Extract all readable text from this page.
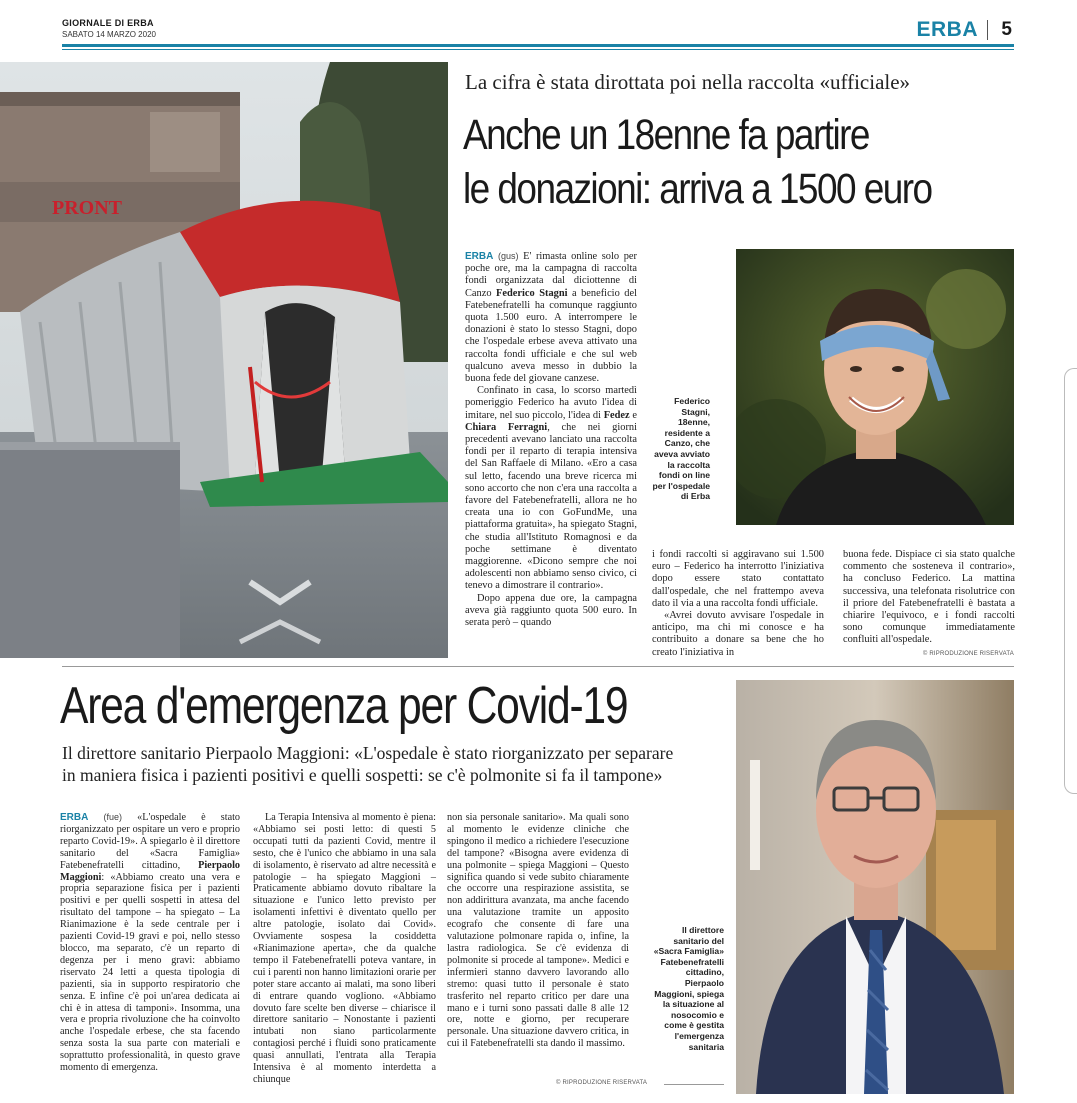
GIORNALE DI ERBA
SABATO 14 MARZO 2020	ERBA 5
PRONT
La cifra è stata dirottata poi nella raccolta «ufficiale»
Anche un 18enne fa partire
le donazioni: arriva a 1500 euro

ERBA (gus) E' rimasta online solo per poche ore, ma la campagna di raccolta fondi organizzata dal diciottenne di Canzo Federico Stagni a beneficio del Fatebenefratelli ha comunque raggiunto quota 1.500 euro. A interrompere le donazioni è stato lo stesso Stagni, dopo che l'ospedale erbese aveva attivato una raccolta fondi ufficiale e che sul web qualcuno aveva messo in dubbio la buona fede del giovane canzese.

Confinato in casa, lo scorso martedì pomeriggio Federico ha avuto l'idea di imitare, nel suo piccolo, l'idea di Fedez e Chiara Ferragni, che nei giorni precedenti avevano lanciato una raccolta fondi per il reparto di terapia intensiva del San Raffaele di Milano. «Ero a casa sul letto, facendo una breve ricerca mi sono accorto che non c'era una raccolta a favore del Fatebenefratelli, allora ne ho creata una io con GoFundMe, una piattaforma gratuita», ha spiegato Stagni, che studia all'Istituto Romagnosi e da poche settimane è diventato maggiorenne. «Dicono sempre che noi adolescenti non abbiamo senso civico, ci tenevo a dimostrare il contrario».

Dopo appena due ore, la campagna aveva già raggiunto quota 500 euro. In serata però – quando

Federico Stagni, 18enne, residente a Canzo, che aveva avviato la raccolta fondi on line per l'ospedale di Erba

i fondi raccolti si aggiravano sui 1.500 euro – Federico ha interrotto l'iniziativa dopo essere stato contattato dall'ospedale, che nel frattempo aveva dato il via a una raccolta fondi ufficiale.

«Avrei dovuto avvisare l'ospedale in anticipo, ma chi mi conosce e ha contribuito a donare sa bene che ho creato l'iniziativa in

buona fede. Dispiace ci sia stato qualche commento che sosteneva il contrario», ha concluso Federico. La mattina successiva, una telefonata risolutrice con il priore del Fatebenefratelli è bastata a chiarire l'equivoco, e i fondi raccolti sono comunque immediatamente confluiti all'ospedale.

© RIPRODUZIONE RISERVATA
Area d'emergenza per Covid-19
Il direttore sanitario Pierpaolo Maggioni: «L'ospedale è stato riorganizzato per separare
in maniera fisica i pazienti positivi e quelli sospetti: se c'è polmonite si fa il tampone»

ERBA (fue) «L'ospedale è stato riorganizzato per ospitare un vero e proprio reparto Covid-19». A spiegarlo è il direttore sanitario del «Sacra Famiglia» Fatebenefratelli cittadino, Pierpaolo Maggioni: «Abbiamo creato una vera e propria separazione fisica per i pazienti positivi e per quelli sospetti in attesa del risultato del tampone – ha spiegato – La Rianimazione è la sede centrale per i pazienti Covid-19 gravi e poi, nello stesso blocco, ma separato, c'è un reparto di degenza per i meno gravi: abbiamo riservato 24 letti a questa tipologia di pazienti, sia in supporto respiratorio che senza. E infine c'è poi un'area dedicata ai chi è in attesa di tamponi». Insomma, una vera e propria rivoluzione che ha coinvolto anche l'ospedale erbese, che sta facendo senza sosta la sua parte con materiali e soprattutto professionalità, in questo grave momento di emergenza.

La Terapia Intensiva al momento è piena: «Abbiamo sei posti letto: di questi 5 occupati tutti da pazienti Covid, mentre il sesto, che è l'unico che abbiamo in una sala di isolamento, è riservato ad altre necessità e patologie – ha spiegato Maggioni – Praticamente abbiamo dovuto ribaltare la situazione e l'unico letto previsto per isolamenti infettivi è diventato quello per altre patologie, isolato dai Covid». Ovviamente sospesa la cosiddetta «Rianimazione aperta», che da qualche tempo il Fatebenefratelli poteva vantare, in cui i parenti non hanno limitazioni orarie per poter stare accanto ai malati, ma sono liberi di entrare quando vogliono. «Abbiamo dovuto fare scelte ben diverse – chiarisce il direttore sanitario – Nonostante i pazienti intubati non siano particolarmente contagiosi perché i fluidi sono praticamente quasi annullati, l'entrata alla Terapia Intensiva è al momento interdetta a chiunque

non sia personale sanitario». Ma quali sono al momento le evidenze cliniche che spingono il medico a richiedere l'esecuzione del tampone? «Bisogna avere evidenza di una polmonite – spiega Maggioni – Questo significa quando si vede subito chiaramente che occorre una respirazione assistita, se non addirittura avanzata, ma anche facendo una valutazione tramite un apposito ecografo che consente di fare una valutazione polmonare rapida o, infine, la lastra radiologica. Se c'è evidenza di polmonite si procede al tampone». Medici e infermieri stanno davvero lavorando allo stremo: quasi tutto il personale è stato trasferito nel reparto critico per dare una mano e i turni sono passati dalle 8 alle 12 ore, notte e giorno, per recuperare personale. Una situazione davvero critica, in cui il Fatebenefratelli sta dando il massimo.

© RIPRODUZIONE RISERVATA
Il direttore sanitario del «Sacra Famiglia» Fatebenefratelli cittadino, Pierpaolo Maggioni, spiega la situazione al nosocomio e come è gestita l'emergenza sanitaria
